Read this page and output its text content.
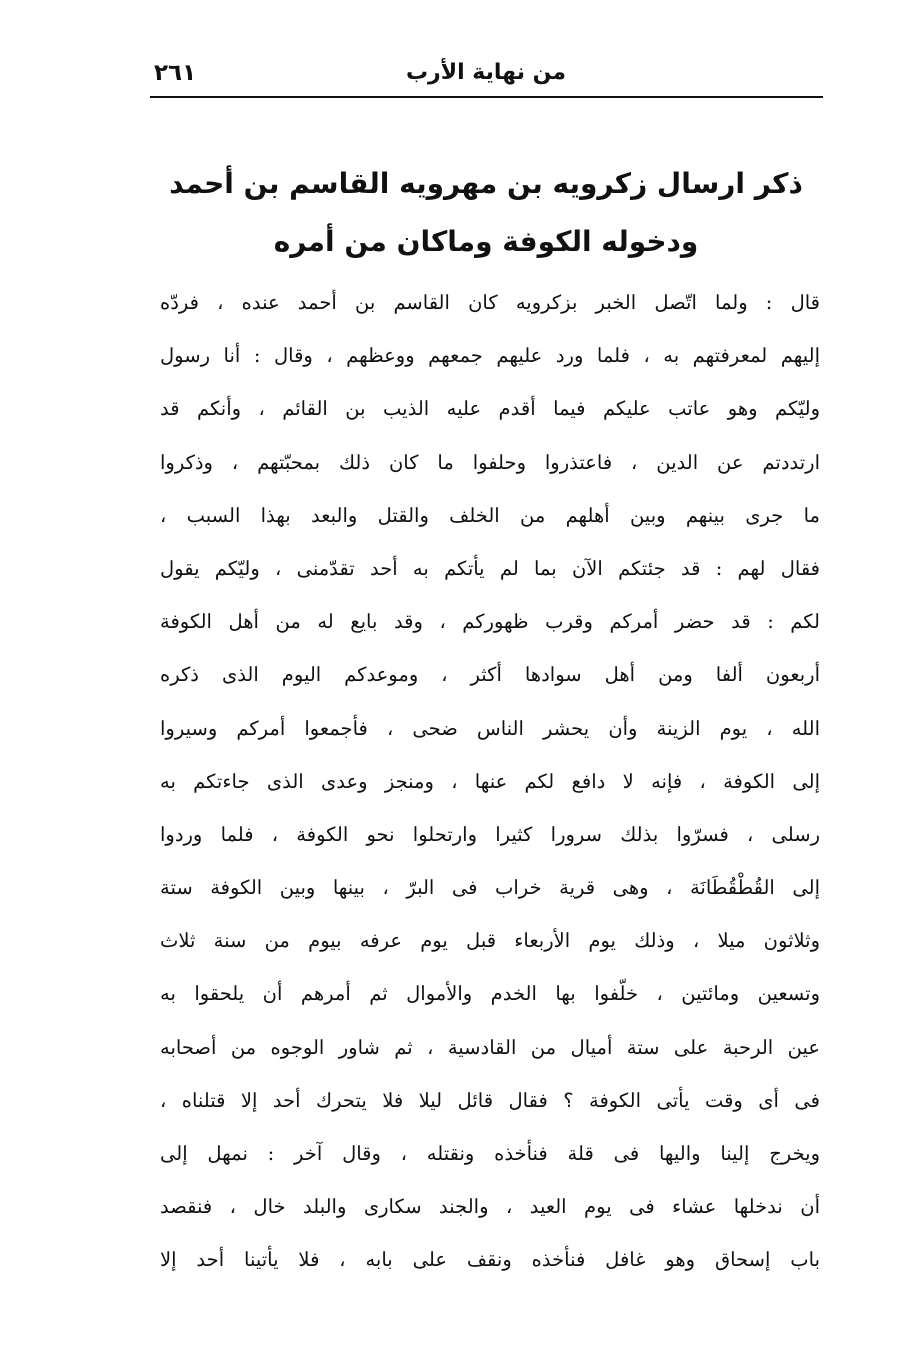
من نهاية الأرب
٢٦١
ذكر ارسال زكرويه بن مهرويه القاسم بن أحمد
ودخوله الكوفة وماكان من أمره
قال : ولما اتّصل الخبر بزكرويه كان القاسم بن أحمد عنده ، فردّه
إليهم لمعرفتهم به ، فلما ورد عليهم جمعهم ووعظهم ، وقال : أنا رسول
وليّكم وهو عاتب عليكم فيما أقدم عليه الذيب بن القائم ، وأنكم قد
ارتددتم عن الدين ، فاعتذروا وحلفوا ما كان ذلك بمحبّتهم ، وذكروا
ما جرى بينهم وبين أهلهم من الخلف والقتل والبعد بهذا السبب ،
فقال لهم : قد جئتكم الآن بما لم يأتكم به أحد تقدّمنى ، وليّكم يقول
لكم : قد حضر أمركم وقرب ظهوركم ، وقد بايع له من أهل الكوفة
أربعون ألفا ومن أهل سوادها أكثر ، وموعدكم اليوم الذى ذكره
الله ، يوم الزينة وأن يحشر الناس ضحى ، فأجمعوا أمركم وسيروا
إلى الكوفة ، فإنه لا دافع لكم عنها ، ومنجز وعدى الذى جاءتكم به
رسلى ، فسرّوا بذلك سرورا كثيرا وارتحلوا نحو الكوفة ، فلما وردوا
إلى القُطْقُطَانَة ، وهى قرية خراب فى البرّ ، بينها وبين الكوفة ستة
وثلاثون ميلا ، وذلك يوم الأربعاء قبل يوم عرفه بيوم من سنة ثلاث
وتسعين ومائتين ، خلّفوا بها الخدم والأموال ثم أمرهم أن يلحقوا به
عين الرحبة على ستة أميال من القادسية ، ثم شاور الوجوه من أصحابه
فى أى وقت يأتى الكوفة ؟ فقال قائل ليلا فلا يتحرك أحد إلا قتلناه ،
ويخرج إلينا واليها فى قلة فنأخذه ونقتله ، وقال آخر : نمهل إلى
أن ندخلها عشاء فى يوم العيد ، والجند سكارى والبلد خال ، فنقصد
باب إسحاق وهو غافل فنأخذه ونقف على بابه ، فلا يأتينا أحد إلا
